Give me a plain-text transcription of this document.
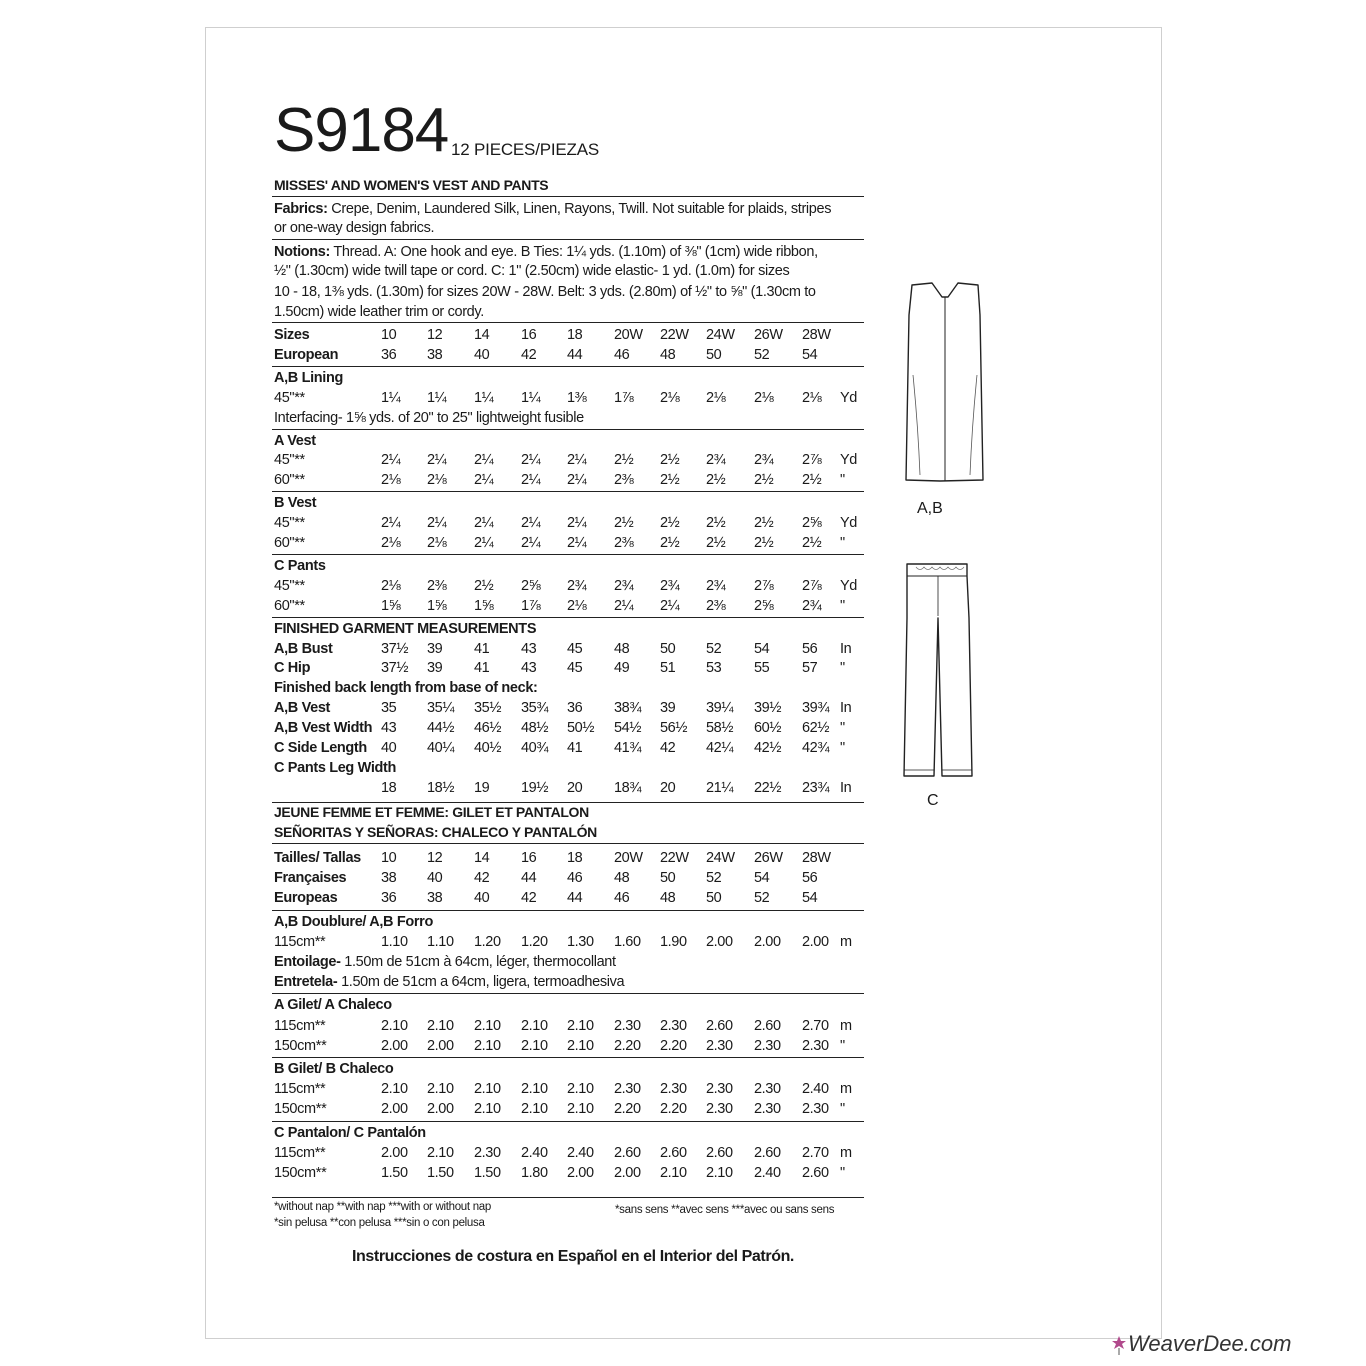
S9184 12 PIECES/PIEZAS
MISSES' AND WOMEN'S VEST AND PANTS
Fabrics: Crepe, Denim, Laundered Silk, Linen, Rayons, Twill. Not suitable for plaids, stripes
or one-way design fabrics.
Notions: Thread. A: One hook and eye. B Ties: 1¼ yds. (1.10m) of ⅜" (1cm) wide ribbon,
½" (1.30cm) wide twill tape or cord. C: 1" (2.50cm) wide elastic- 1 yd. (1.0m) for sizes
10 - 18, 1⅜ yds. (1.30m) for sizes 20W - 28W. Belt: 3 yds. (2.80m) of ½" to ⅝" (1.30cm to
1.50cm) wide leather trim or cordy.
Sizes	10 12 14 16 18 20W 22W 24W 26W 28W
European	36 38 40 42 44 46 48 50 52 54
A,B Lining
45"**	1¼ 1¼ 1¼ 1¼ 1⅜ 1⅞ 2⅛ 2⅛ 2⅛ 2⅛ Yd
Interfacing- 1⅝ yds. of 20" to 25" lightweight fusible
A Vest
45"**	2¼ 2¼ 2¼ 2¼ 2¼ 2½ 2½ 2¾ 2¾ 2⅞ Yd
60"**	2⅛ 2⅛ 2¼ 2¼ 2¼ 2⅜ 2½ 2½ 2½ 2½ "
B Vest
45"**	2¼ 2¼ 2¼ 2¼ 2¼ 2½ 2½ 2½ 2½ 2⅝ Yd
60"**	2⅛ 2⅛ 2¼ 2¼ 2¼ 2⅜ 2½ 2½ 2½ 2½ "
C Pants
45"**	2⅛ 2⅜ 2½ 2⅝ 2¾ 2¾ 2¾ 2¾ 2⅞ 2⅞ Yd
60"**	1⅝ 1⅝ 1⅝ 1⅞ 2⅛ 2¼ 2¼ 2⅜ 2⅝ 2¾ "
FINISHED GARMENT MEASUREMENTS
A,B Bust	37½ 39 41 43 45 48 50 52 54 56 In
C Hip	37½ 39 41 43 45 49 51 53 55 57 "
Finished back length from base of neck:
A,B Vest	35 35¼ 35½ 35¾ 36 38¾ 39 39¼ 39½ 39¾ In
A,B Vest Width 43 44½ 46½ 48½ 50½ 54½ 56½ 58½ 60½ 62½ "
C Side Length 40 40¼ 40½ 40¾ 41 41¾ 42 42¼ 42½ 42¾ "
C Pants Leg Width
18 18½ 19 19½ 20 18¾ 20 21¼ 22½ 23¾ In
JEUNE FEMME ET FEMME: GILET ET PANTALON
SEÑORITAS Y SEÑORAS: CHALECO Y PANTALÓN
Tailles/ Tallas 10 12 14 16 18 20W 22W 24W 26W 28W
Françaises 38 40 42 44 46 48 50 52 54 56
Europeas	36 38 40 42 44 46 48 50 52 54
A,B Doublure/ A,B Forro
115cm**	1.10 1.10 1.20 1.20 1.30 1.60 1.90 2.00 2.00 2.00 m
Entoilage- 1.50m de 51cm à 64cm, léger, thermocollant
Entretela- 1.50m de 51cm a 64cm, ligera, termoadhesiva
A Gilet/ A Chaleco
115cm**	2.10 2.10 2.10 2.10 2.10 2.30 2.30 2.60 2.60 2.70 m
150cm**	2.00 2.00 2.10 2.10 2.10 2.20 2.20 2.30 2.30 2.30 "
B Gilet/ B Chaleco
115cm**	2.10 2.10 2.10 2.10 2.10 2.30 2.30 2.30 2.30 2.40 m
150cm**	2.00 2.00 2.10 2.10 2.10 2.20 2.20 2.30 2.30 2.30 "
C Pantalon/ C Pantalón
115cm**	2.00 2.10 2.30 2.40 2.40 2.60 2.60 2.60 2.60 2.70 m
150cm**	1.50 1.50 1.50 1.80 2.00 2.00 2.10 2.10 2.40 2.60 "
*without nap **with nap ***with or without nap
*sin pelusa **con pelusa ***sin o con pelusa
*sans sens **avec sens ***avec ou sans sens
Instrucciones de costura en Español en el Interior del Patrón.
A,B
C
WeaverDee.com
